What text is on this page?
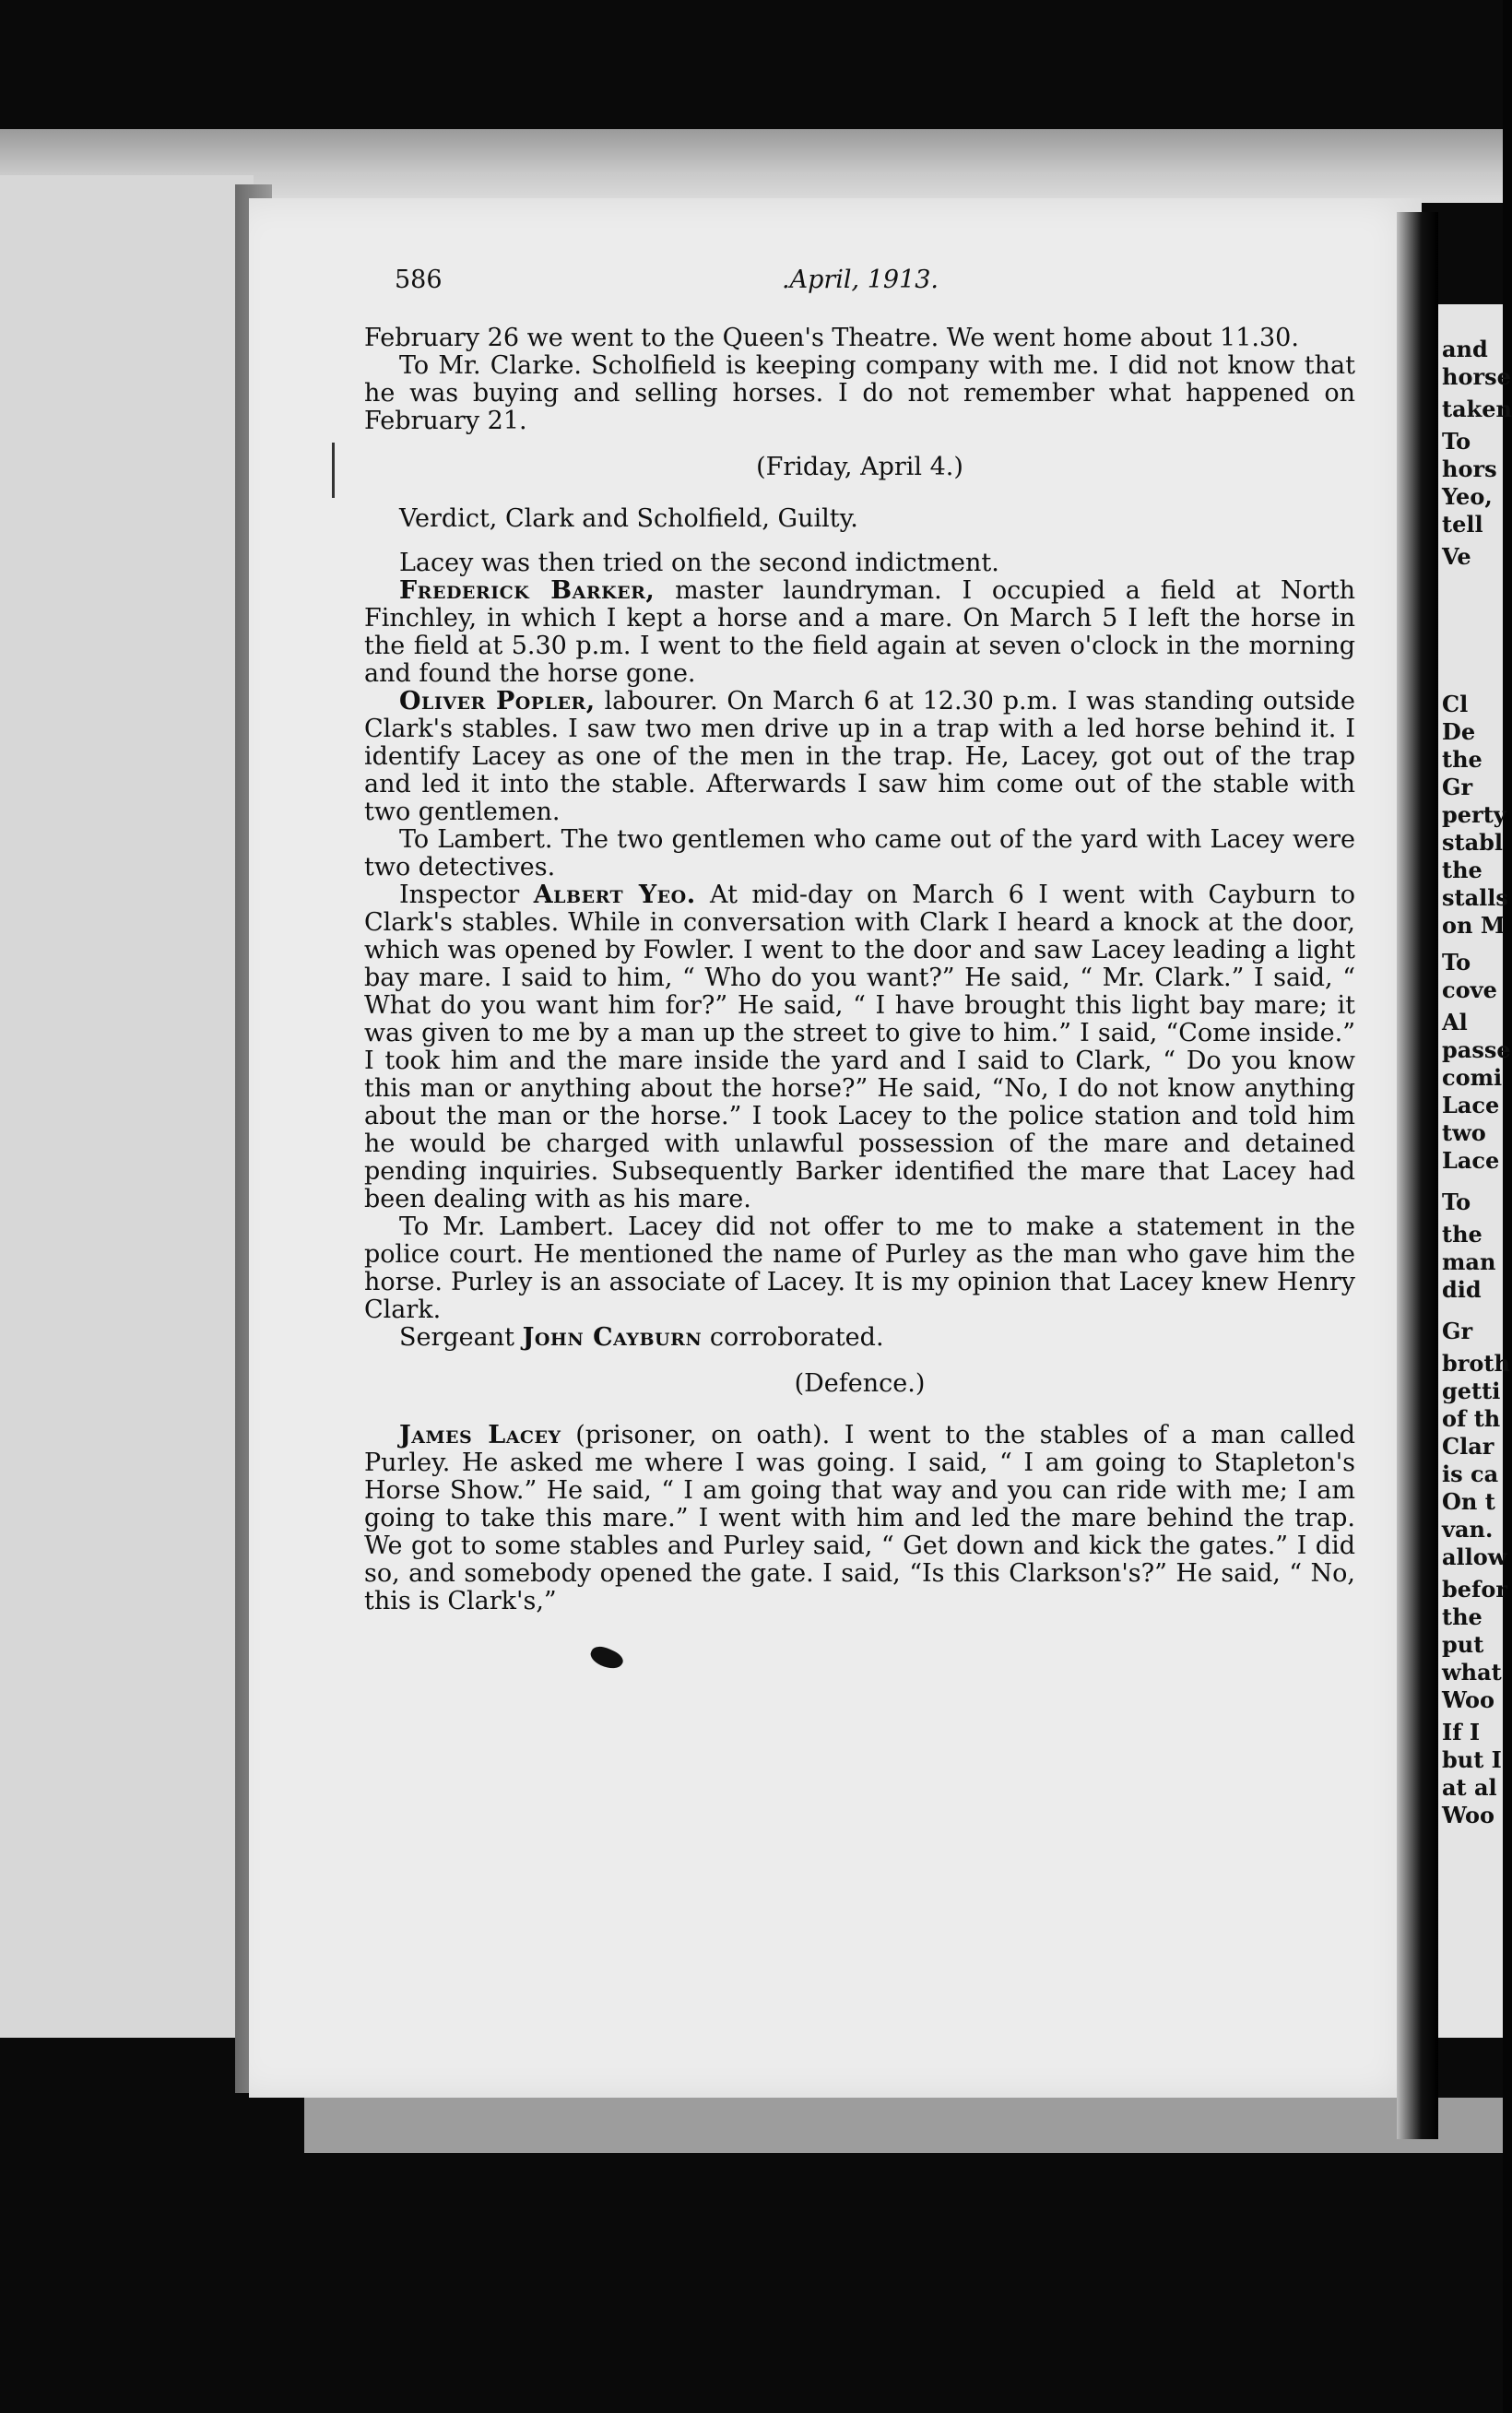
586	.April, 1913.

February 26 we went to the Queen's Theatre. We went home about 11.30.

To Mr. Clarke. Scholfield is keeping company with me. I did not know that he was buying and selling horses. I do not remember what happened on February 21.

(Friday, April 4.)

Verdict, Clark and Scholfield, Guilty.

Lacey was then tried on the second indictment.

Frederick Barker, master laundryman. I occupied a field at North Finchley, in which I kept a horse and a mare. On March 5 I left the horse in the field at 5.30 p.m. I went to the field again at seven o'clock in the morning and found the horse gone.

Oliver Popler, labourer. On March 6 at 12.30 p.m. I was standing outside Clark's stables. I saw two men drive up in a trap with a led horse behind it. I identify Lacey as one of the men in the trap. He, Lacey, got out of the trap and led it into the stable. Afterwards I saw him come out of the stable with two gentlemen.

To Lambert. The two gentlemen who came out of the yard with Lacey were two detectives.

Inspector Albert Yeo. At mid-day on March 6 I went with Cayburn to Clark's stables. While in conversation with Clark I heard a knock at the door, which was opened by Fowler. I went to the door and saw Lacey leading a light bay mare. I said to him, “ Who do you want?” He said, “ Mr. Clark.” I said, “ What do you want him for?” He said, “ I have brought this light bay mare; it was given to me by a man up the street to give to him.” I said, “Come inside.” I took him and the mare inside the yard and I said to Clark, “ Do you know this man or anything about the horse?” He said, “No, I do not know anything about the man or the horse.” I took Lacey to the police station and told him he would be charged with unlawful possession of the mare and detained pending inquiries. Subsequently Barker identified the mare that Lacey had been dealing with as his mare.

To Mr. Lambert. Lacey did not offer to me to make a statement in the police court. He mentioned the name of Purley as the man who gave him the horse. Purley is an associate of Lacey. It is my opinion that Lacey knew Henry Clark.

Sergeant John Cayburn corroborated.

(Defence.)

James Lacey (prisoner, on oath). I went to the stables of a man called Purley. He asked me where I was going. I said, “ I am going to Stapleton's Horse Show.” He said, “ I am going that way and you can ride with me; I am going to take this mare.” I went with him and led the mare behind the trap. We got to some stables and Purley said, “ Get down and kick the gates.” I did so, and somebody opened the gate. I said, “Is this Clarkson's?” He said, “ No, this is Clark's,”

and
horse
taken
To
hors
Yeo,
tell
Ve
Cl
De
the
Gr
perty
stabl
the
stalls
on M
To
cove
Al
passe
comi
Lace
two
Lace
To
the
man
did
Gr
broth
getti
of th
Clar
is ca
On t
van.
allow
befor
the
put
what
Woo
If I
but I
at al
Woo
